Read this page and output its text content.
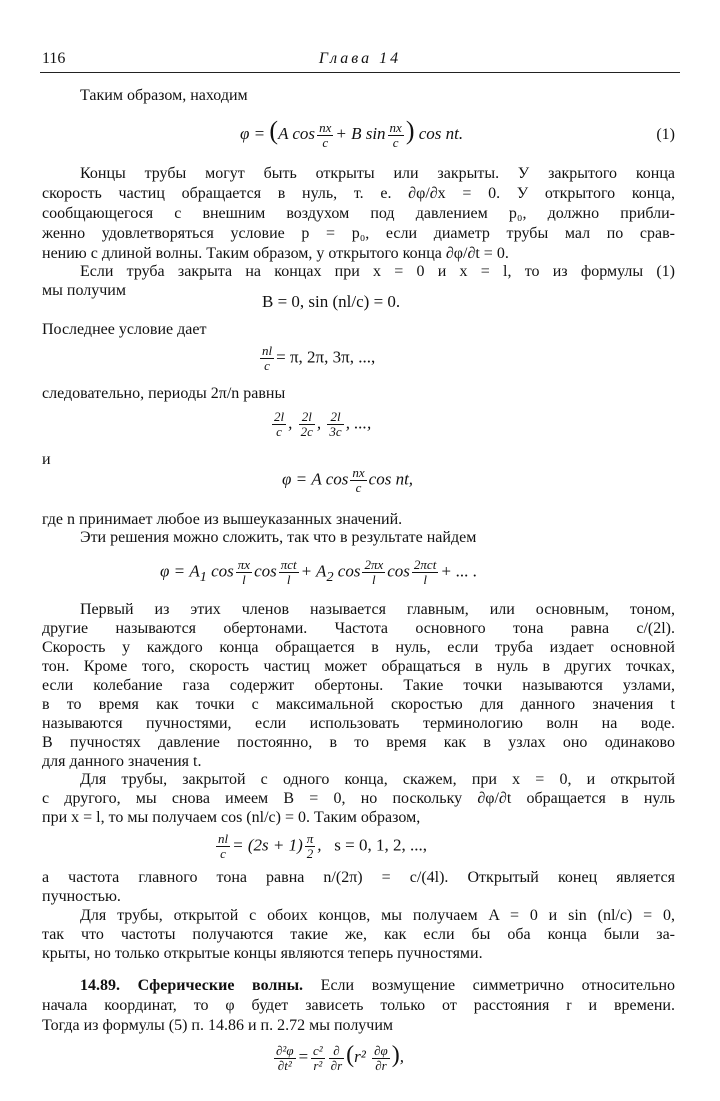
116	Глава 14
Таким образом, находим
φ = (A $\cos \frac{nx}{c} + B$ $\sin \frac{nx}{c}$ ) cos nt.	(1)
Концы трубы могут быть открыты или закрыты. У закрытого конца
скорость частиц обращается в нуль, т. е. ∂φ/∂x = 0. У открытого конца,
сообщающегося с внешним воздухом под давлением p₀, должно прибли-
женно удовлетворяться условие p = p₀, если диаметр трубы мал по срав-
нению с длиной волны. Таким образом, у открытого конца ∂φ/∂t = 0.
Если труба закрыта на концах при x = 0 и x = l, то из формулы (1)
мы получим
B = 0, sin (nl/c) = 0.
Последнее условие дает
$\frac{nl}{c} = \pi$, 2π, 3π, ...,
следовательно, периоды 2π/n равны
$\frac{2l}{c}$ , $\frac{2l}{2c}$ , $\frac{2l}{3c}$ , ...,
и
φ = A $\cos \frac{nx}{c}$ cos nt,
где n принимает любое из вышеуказанных значений.
Эти решения можно сложить, так что в результате найдем
$\varphi = A_1$ $\cos \frac{\pi x}{l}$ cos πct
$l + A_2$ $\cos \frac{2\pi x}{l}$ cos 2πct
l + ... .
Первый из этих членов называется главным, или основным, тоном,
другие называются обертонами. Частота основного тона равна c/(2l).
Скорость у каждого конца обращается в нуль, если труба издает основной
тон. Кроме того, скорость частиц может обращаться в нуль в других точках,
если колебание газа содержит обертоны. Такие точки называются узлами,
в то время как точки с максимальной скоростью для данного значения t
называются пучностями, если использовать терминологию волн на воде.
В пучностях давление постоянно, в то время как в узлах оно одинаково
для данного значения t.
Для трубы, закрытой с одного конца, скажем, при x = 0, и открытой
с другого, мы снова имеем B = 0, но поскольку ∂φ/∂t обращается в нуль
при x = l, то мы получаем cos (nl/c) = 0. Таким образом,
$\frac{nl}{c} = (2s + 1) \frac{\pi}{2}$ ,   s = 0, 1, 2, ...,
а частота главного тона равна n/(2π) = c/(4l). Открытый конец является
пучностью.
Для трубы, открытой с обоих концов, мы получаем A = 0 и sin (nl/c) = 0,
так что частоты получаются такие же, как если бы оба конца были за-
крыты, но только открытые концы являются теперь пучностями.
14.89. Сферические волны. Если возмущение симметрично относительно
начала координат, то φ будет зависеть только от расстояния r и времени.
Тогда из формулы (5) п. 14.86 и п. 2.72 мы получим
$\frac{\text{∂²φ}}{\text{∂t²}} = \frac{\text{c²}}{\text{r²}}$ ∂
∂r ($r^2 \frac{\partial\varphi}{\partial r}$ ),
